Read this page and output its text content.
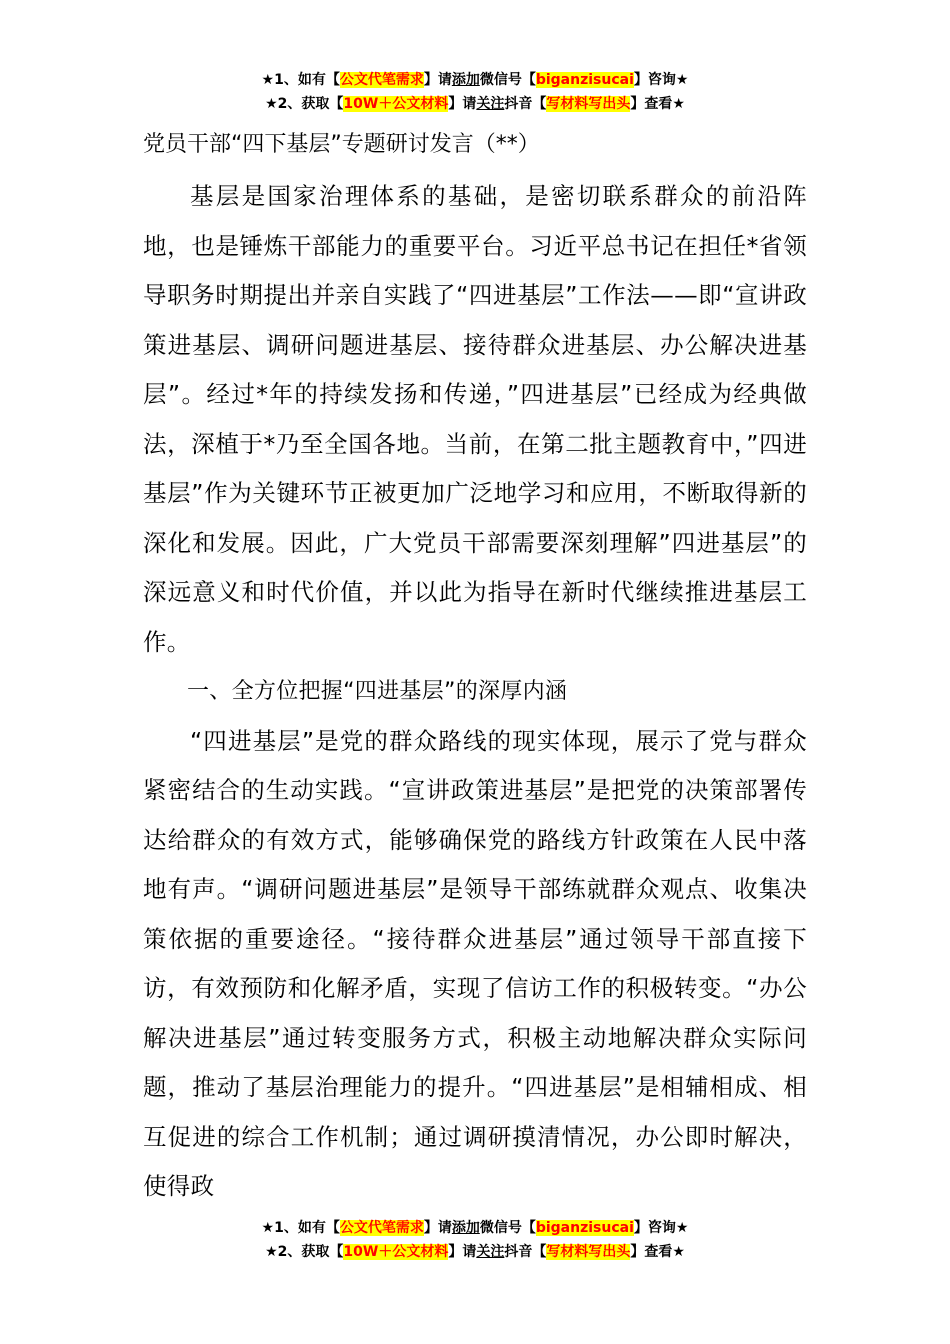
★1、如有【公文代笔需求】请添加微信号【biganzisucai】咨询★
★2、获取【10W＋公文材料】请关注抖音【写材料写出头】查看★
党员干部“四下基层”专题研讨发言（**）

基层是国家治理体系的基础，是密切联系群众的前沿阵地，也是锤炼干部能力的重要平台。习近平总书记在担任*省领导职务时期提出并亲自实践了“四进基层”工作法——即“宣讲政策进基层、调研问题进基层、接待群众进基层、办公解决进基层”。经过*年的持续发扬和传递，”四进基层”已经成为经典做法，深植于*乃至全国各地。当前，在第二批主题教育中，”四进基层”作为关键环节正被更加广泛地学习和应用，不断取得新的深化和发展。因此，广大党员干部需要深刻理解”四进基层”的深远意义和时代价值，并以此为指导在新时代继续推进基层工作。

一、全方位把握“四进基层”的深厚内涵

“四进基层”是党的群众路线的现实体现，展示了党与群众紧密结合的生动实践。“宣讲政策进基层”是把党的决策部署传达给群众的有效方式，能够确保党的路线方针政策在人民中落地有声。“调研问题进基层”是领导干部练就群众观点、收集决策依据的重要途径。“接待群众进基层”通过领导干部直接下访，有效预防和化解矛盾，实现了信访工作的积极转变。“办公解决进基层”通过转变服务方式，积极主动地解决群众实际问题，推动了基层治理能力的提升。“四进基层”是相辅相成、相互促进的综合工作机制；通过调研摸清情况，办公即时解决，使得政

★1、如有【公文代笔需求】请添加微信号【biganzisucai】咨询★
★2、获取【10W＋公文材料】请关注抖音【写材料写出头】查看★
